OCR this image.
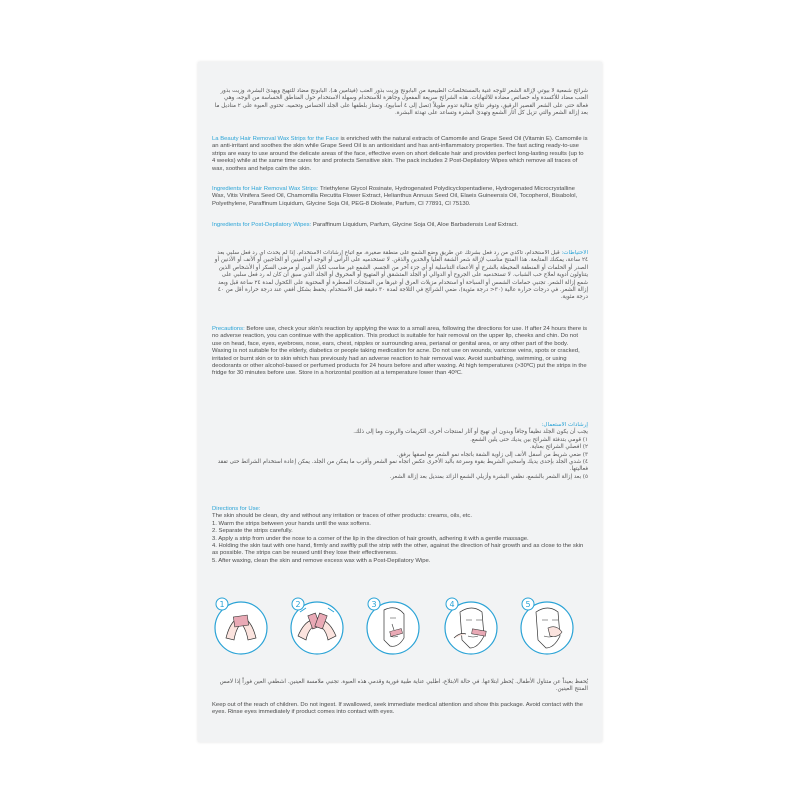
شرائح شمعية لا بيوتي لإزالة الشعر للوجه غنية بالمستخلصات الطبيعية من البابونج وزيت بذور العنب (فيتامين هـ). البابونج مضاد للتهيج ويهدئ البشرة، وزيت بذور العنب مضاد للأكسدة وله خصائص مضادة للالتهابات. هذه الشرائح سريعة المفعول وجاهزة للاستخدام وسهلة الاستخدام حول المناطق الحساسة من الوجه، وهي فعالة حتى على الشعر القصير الرقيق، وتوفر نتائج مثالية تدوم طويلاً (تصل إلى ٤ أسابيع). وتمتاز بلطفها على الجلد الحساس وتحميه. تحتوي العبوة على ٢ مناديل ما بعد إزالة الشعر والتي تزيل كل آثار الشمع وتهدئ البشرة وتساعد على تهدئة البشرة.
La Beauty Hair Removal Wax Strips for the Face is enriched with the natural extracts of Camomile and Grape Seed Oil (Vitamin E). Camomile is an anti-irritant and soothes the skin while Grape Seed Oil is an antioxidant and has anti-inflammatory properties. The fast acting ready-to-use strips are easy to use around the delicate areas of the face, effective even on short delicate hair and provides perfect long-lasting results (up to 4 weeks) while at the same time cares for and protects Sensitive skin. The pack includes 2 Post-Depilatory Wipes which remove all traces of wax, soothes and helps calm the skin.
Ingredients for Hair Removal Wax Strips: Triethylene Glycol Rosinate, Hydrogenated Polydicyclopentadiene, Hydrogenated Microcrystalline Wax, Vitis Vinifera Seed Oil, Chamomilla Recutita Flower Extract, Helianthus Annuus Seed Oil, Elaeis Guineensis Oil, Tocopherol, Bisabolol, Polyethylene, Paraffinum Liquidum, Glycine Soja Oil, PEG-8 Dioleate, Parfum, CI 77891, CI 75130.
Ingredients for Post-Depilatory Wipes: Paraffinum Liquidum, Parfum, Glycine Soja Oil, Aloe Barbadensis Leaf Extract.
الاحتياطات: قبل الاستخدام، تأكدي من رد فعل بشرتك عن طريق وضع الشمع على منطقة صغيرة، مع اتباع إرشادات الاستخدام. إذا لم يحدث أي رد فعل سلبي بعد ٢٤ ساعة، يمكنك المتابعة. هذا المنتج مناسب لإزالة شعر الشفة العليا والخدين والذقن. لا تستخدميه على الرأس أو الوجه أو العينين أو الحاجبين أو الأنف أو الأذنين أو الصدر أو الحلمات أو المنطقة المحيطة بالشرج أو الأعضاء التناسلية أو أي جزء آخر من الجسم. الشمع غير مناسب لكبار السن أو مرضى السكر أو الأشخاص الذين يتناولون أدوية لعلاج حب الشباب. لا تستخدميه على الجروح أو الدوالي أو الجلد المتشقق أو المتهيج أو المحروق أو الجلد الذي سبق أن كان له رد فعل سلبي على شمع إزالة الشعر. تجنبي حمامات الشمس أو السباحة أو استخدام مزيلات العرق أو غيرها من المنتجات المعطرة أو المحتوية على الكحول لمدة ٢٤ ساعة قبل وبعد إزالة الشعر. في درجات حرارة عالية (٣٠< درجة مئوية)، ضعي الشرائح في الثلاجة لمدة ٣٠ دقيقة قبل الاستخدام. يحفظ بشكل أفقي عند درجة حرارة أقل من ٤٠ درجة مئوية.
Precautions: Before use, check your skin's reaction by applying the wax to a small area, following the directions for use. If after 24 hours there is no adverse reaction, you can continue with the application. This product is suitable for hair removal on the upper lip, cheeks and chin. Do not use on head, face, eyes, eyebrows, nose, ears, chest, nipples or surrounding area, perianal or genital area, or any other part of the body. Waxing is not suitable for the elderly, diabetics or people taking medication for acne. Do not use on wounds, varicose veins, spots or cracked, irritated or burnt skin or to skin which has previously had an adverse reaction to hair removal wax. Avoid sunbathing, swimming, or using deodorants or other alcohol-based or perfumed products for 24 hours before and after waxing. At high temperatures (>30ºC) put the strips in the fridge for 30 minutes before use. Store in a horizontal position at a temperature lower than 40ºC.
إرشادات الاستعمال:
يجب أن يكون الجلد نظيفاً وجافاً وبدون أي تهيج أو آثار لمنتجات أخرى، الكريمات والزيوت وما إلى ذلك.
١) قومي بتدفئة الشرائح بين يديك حتى يلين الشمع.
٢) افصلي الشرائح بعناية.
٣) ضعي شريط من أسفل الأنف إلى زاوية الشفة باتجاه نمو الشعر مع لصقها برفق.
٤) شدي الجلد بإحدى يديك واسحبي الشريط بقوة وسرعة باليد الأخرى عكس اتجاه نمو الشعر وأقرب ما يمكن من الجلد. يمكن إعادة استخدام الشرائط حتى تفقد فعاليتها.
٥) بعد إزالة الشعر بالشمع، نظفي البشرة وأزيلي الشمع الزائد بمنديل بعد إزالة الشعر.
Directions for Use:
The skin should be clean, dry and without any irritation or traces of other products: creams, oils, etc.
1. Warm the strips between your hands until the wax softens.
2. Separate the strips carefully.
3. Apply a strip from under the nose to a corner of the lip in the direction of hair growth, adhering it with a gentle massage.
4. Holding the skin taut with one hand, firmly and swiftly pull the strip with the other, against the direction of hair growth and as close to the skin as possible. The strips can be reused until they lose their effectiveness.
5. After waxing, clean the skin and remove excess wax with a Post-Depilatory Wipe.
1	2	3	4	5
يُحفظ بعيداً عن متناول الأطفال. يُحظر ابتلاعها. في حالة الابتلاع، اطلبي عناية طبية فورية وقدمي هذه العبوة. تجنبي ملامسة العينين. اشطفي العين فوراً إذا لامس المنتج العينين.
Keep out of the reach of children. Do not ingest. If swallowed, seek immediate medical attention and show this package. Avoid contact with the eyes. Rinse eyes immediately if product comes into contact with eyes.
